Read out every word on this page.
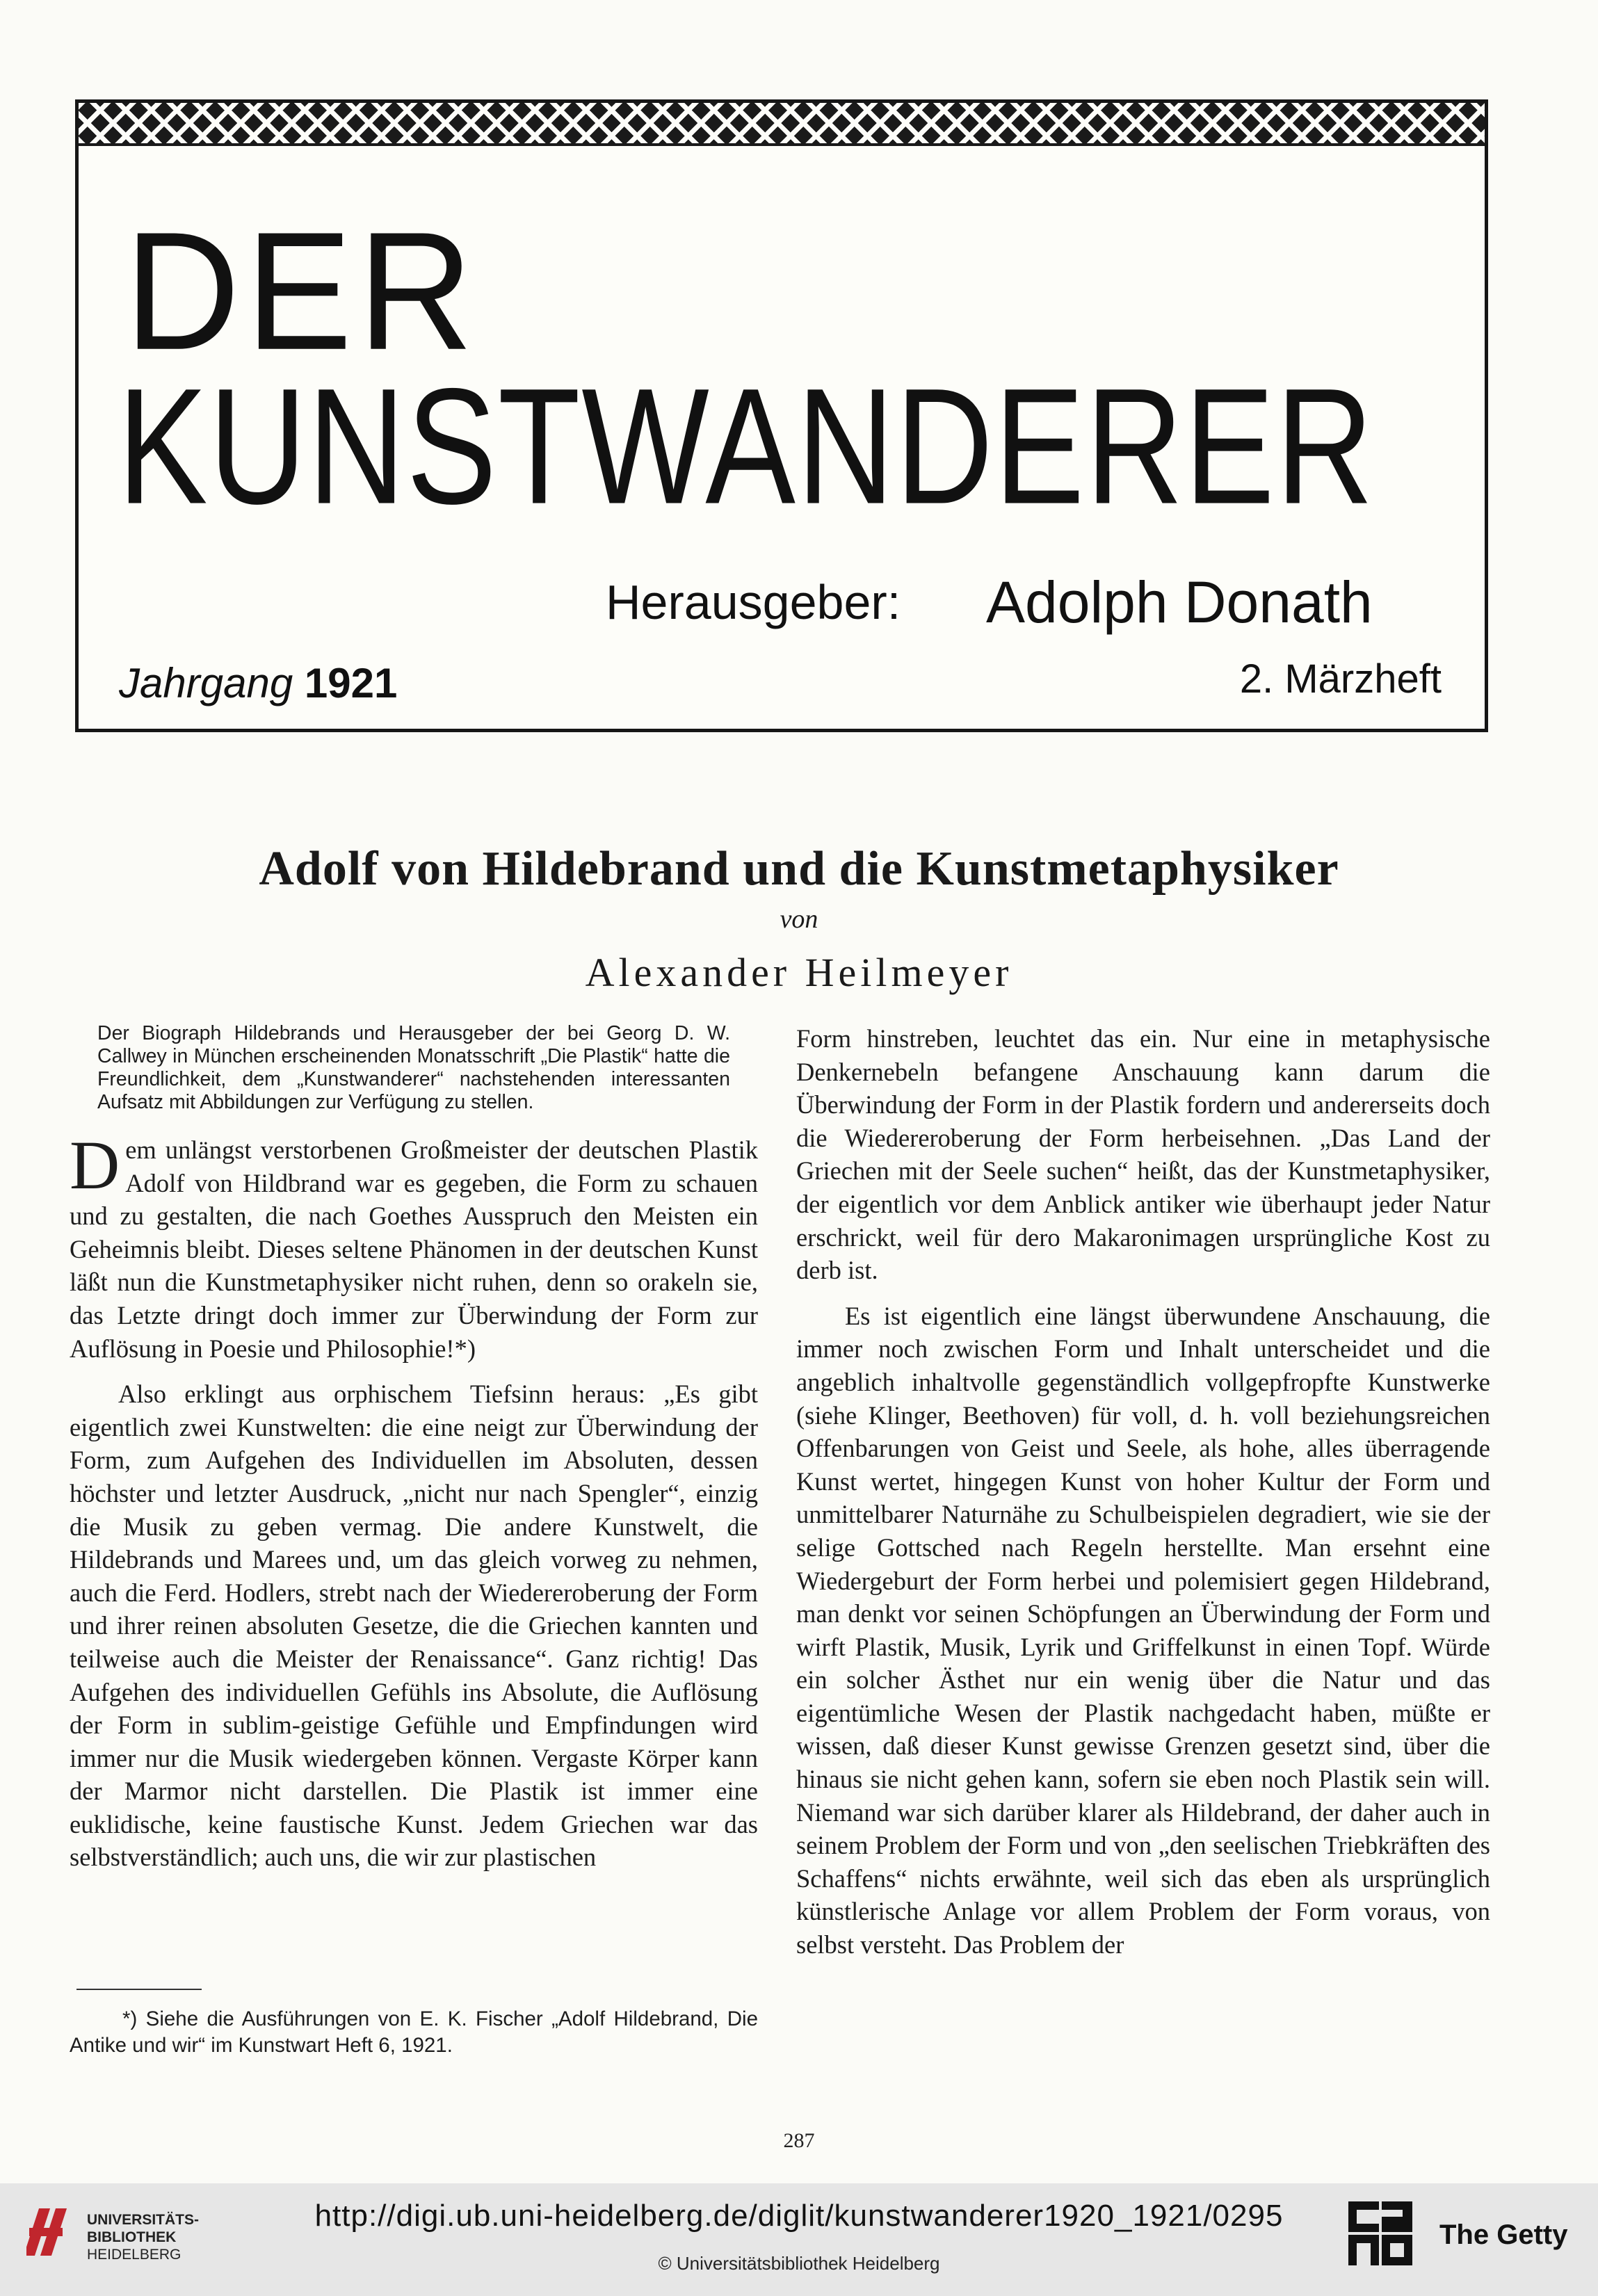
DER
KUNSTWANDERER
Herausgeber: Adolph Donath
Jahrgang 1921	2. Märzheft
Adolf von Hildebrand und die Kunstmetaphysiker
von
Alexander Heilmeyer

Der Biograph Hildebrands und Herausgeber der bei Georg D. W. Callwey in München erscheinenden Monatsschrift „Die Plastik“ hatte die Freundlichkeit, dem „Kunstwanderer“ nachstehenden interessanten Aufsatz mit Abbildungen zur Verfügung zu stellen.

Dem unlängst verstorbenen Großmeister der deutschen Plastik Adolf von Hildbrand war es gegeben, die Form zu schauen und zu gestalten, die nach Goethes Ausspruch den Meisten ein Geheimnis bleibt. Dieses seltene Phänomen in der deutschen Kunst läßt nun die Kunstmetaphysiker nicht ruhen, denn so orakeln sie, das Letzte dringt doch immer zur Überwindung der Form zur Auflösung in Poesie und Philosophie!*)

Also erklingt aus orphischem Tiefsinn heraus: „Es gibt eigentlich zwei Kunstwelten: die eine neigt zur Überwindung der Form, zum Aufgehen des Individuellen im Absoluten, dessen höchster und letzter Ausdruck, „nicht nur nach Spengler“, einzig die Musik zu geben vermag. Die andere Kunstwelt, die Hildebrands und Marees und, um das gleich vorweg zu nehmen, auch die Ferd. Hodlers, strebt nach der Wiedereroberung der Form und ihrer reinen absoluten Gesetze, die die Griechen kannten und teilweise auch die Meister der Renaissance“. Ganz richtig! Das Aufgehen des individuellen Gefühls ins Absolute, die Auflösung der Form in sublim-geistige Gefühle und Empfindungen wird immer nur die Musik wiedergeben können. Vergaste Körper kann der Marmor nicht darstellen. Die Plastik ist immer eine euklidische, keine faustische Kunst. Jedem Griechen war das selbstverständlich; auch uns, die wir zur plastischen

Form hinstreben, leuchtet das ein. Nur eine in metaphysische Denkernebeln befangene Anschauung kann darum die Überwindung der Form in der Plastik fordern und andererseits doch die Wiedereroberung der Form herbeisehnen. „Das Land der Griechen mit der Seele suchen“ heißt, das der Kunstmetaphysiker, der eigentlich vor dem Anblick antiker wie überhaupt jeder Natur erschrickt, weil für dero Makaronimagen ursprüngliche Kost zu derb ist.

Es ist eigentlich eine längst überwundene Anschauung, die immer noch zwischen Form und Inhalt unterscheidet und die angeblich inhaltvolle gegenständlich vollgepfropfte Kunstwerke (siehe Klinger, Beethoven) für voll, d. h. voll beziehungsreichen Offenbarungen von Geist und Seele, als hohe, alles überragende Kunst wertet, hingegen Kunst von hoher Kultur der Form und unmittelbarer Naturnähe zu Schulbeispielen degradiert, wie sie der selige Gottsched nach Regeln herstellte. Man ersehnt eine Wiedergeburt der Form herbei und polemisiert gegen Hildebrand, man denkt vor seinen Schöpfungen an Überwindung der Form und wirft Plastik, Musik, Lyrik und Griffelkunst in einen Topf. Würde ein solcher Ästhet nur ein wenig über die Natur und das eigentümliche Wesen der Plastik nachgedacht haben, müßte er wissen, daß dieser Kunst gewisse Grenzen gesetzt sind, über die hinaus sie nicht gehen kann, sofern sie eben noch Plastik sein will. Niemand war sich darüber klarer als Hildebrand, der daher auch in seinem Problem der Form und von „den seelischen Triebkräften des Schaffens“ nichts erwähnte, weil sich das eben als ursprünglich künstlerische Anlage vor allem Problem der Form voraus, von selbst versteht. Das Problem der

*) Siehe die Ausführungen von E. K. Fischer „Adolf Hildebrand, Die Antike und wir“ im Kunstwart Heft 6, 1921.
287
UNIVERSITÄTS-
BIBLIOTHEK
HEIDELBERG
http://digi.ub.uni-heidelberg.de/diglit/kunstwanderer1920_1921/0295
© Universitätsbibliothek Heidelberg
The Getty
